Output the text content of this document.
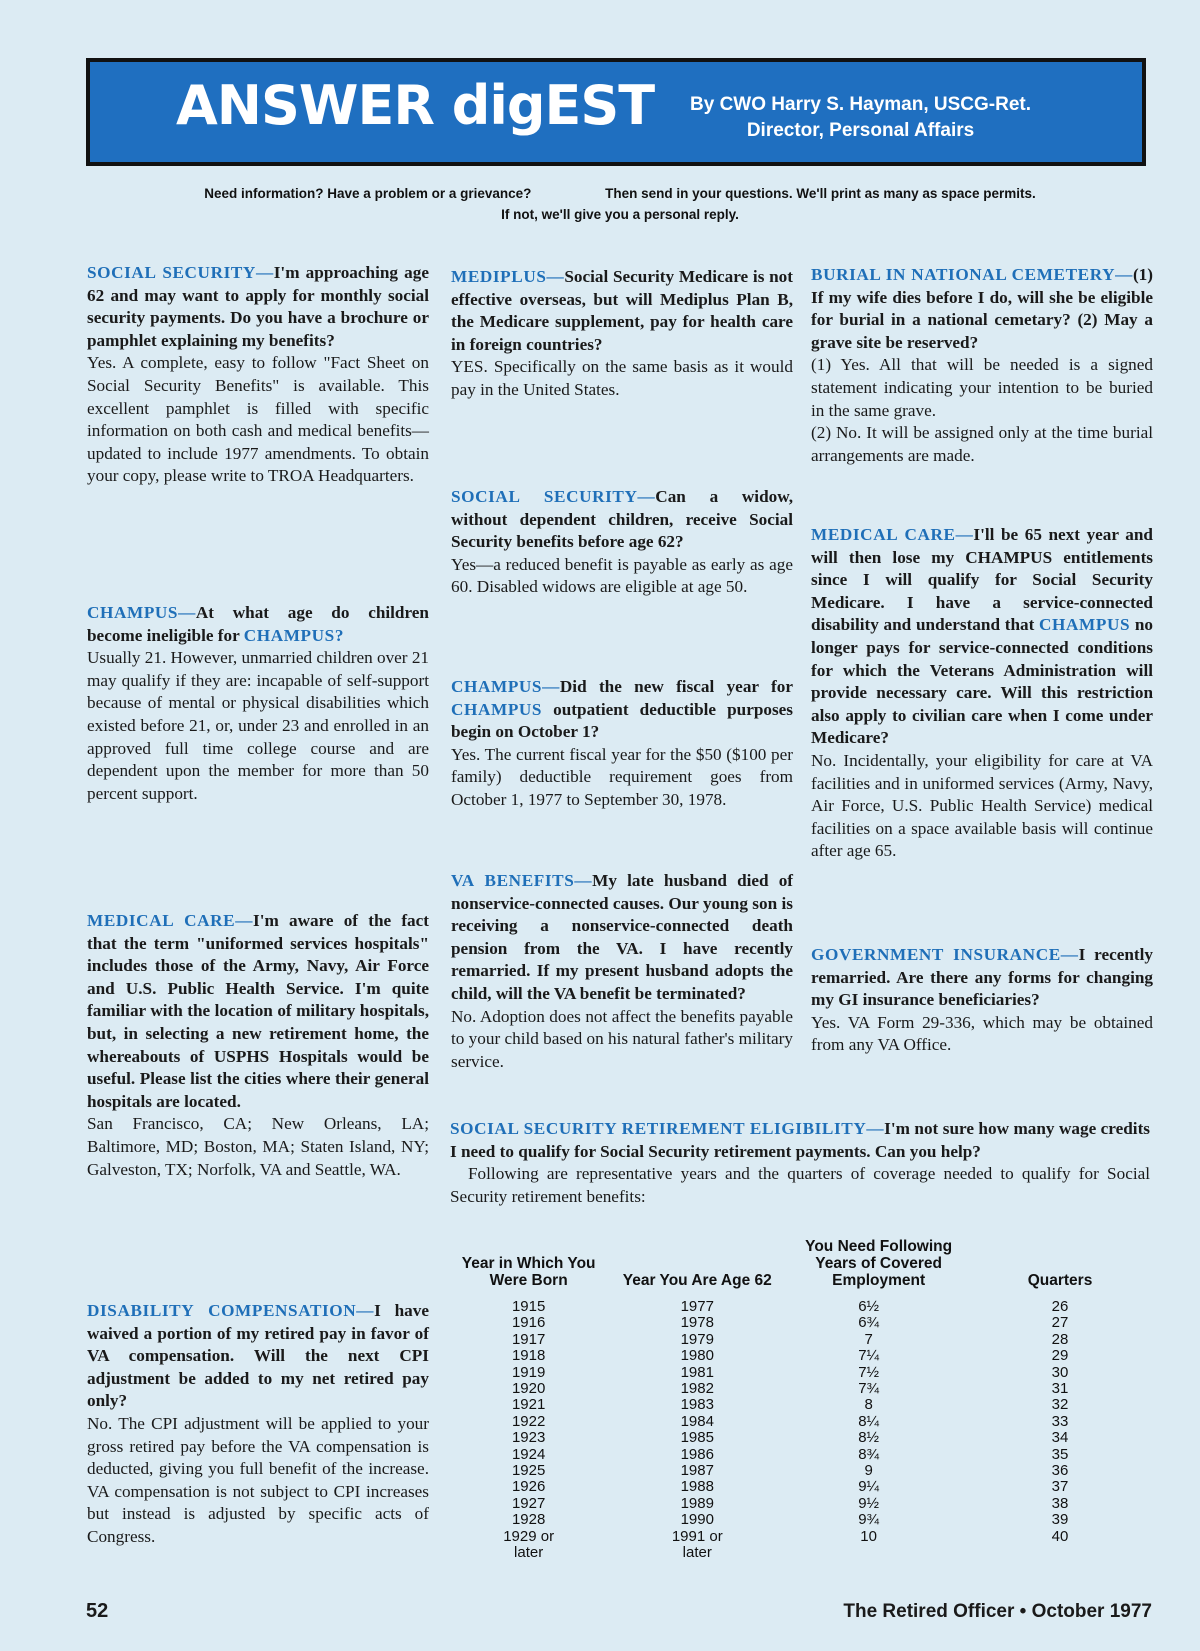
ANSWER digEST By CWO Harry S. Hayman, USCG-Ret.
Director, Personal Affairs
Need information? Have a problem or a grievance?	Then send in your questions. We'll print as many as space permits.
If not, we'll give you a personal reply.
SOCIAL SECURITY—I'm approaching age 62 and may want to apply for monthly social security payments. Do you have a brochure or pamphlet explaining my benefits?
Yes. A complete, easy to follow "Fact Sheet on Social Security Benefits" is available. This excellent pamphlet is filled with specific information on both cash and medical benefits—updated to include 1977 amendments. To obtain your copy, please write to TROA Headquarters.
CHAMPUS—At what age do children become ineligible for CHAMPUS?
Usually 21. However, unmarried children over 21 may qualify if they are: incapable of self-support because of mental or physical disabilities which existed before 21, or, under 23 and enrolled in an approved full time college course and are dependent upon the member for more than 50 percent support.
MEDICAL CARE—I'm aware of the fact that the term "uniformed services hospitals" includes those of the Army, Navy, Air Force and U.S. Public Health Service. I'm quite familiar with the location of military hospitals, but, in selecting a new retirement home, the whereabouts of USPHS Hospitals would be useful. Please list the cities where their general hospitals are located.
San Francisco, CA; New Orleans, LA; Baltimore, MD; Boston, MA; Staten Island, NY; Galveston, TX; Norfolk, VA and Seattle, WA.
DISABILITY COMPENSATION—I have waived a portion of my retired pay in favor of VA compensation. Will the next CPI adjustment be added to my net retired pay only?
No. The CPI adjustment will be applied to your gross retired pay before the VA compensation is deducted, giving you full benefit of the increase. VA compensation is not subject to CPI increases but instead is adjusted by specific acts of Congress.
MEDIPLUS—Social Security Medicare is not effective overseas, but will Mediplus Plan B, the Medicare supplement, pay for health care in foreign countries?
YES. Specifically on the same basis as it would pay in the United States.
SOCIAL SECURITY—Can a widow, without dependent children, receive Social Security benefits before age 62?
Yes—a reduced benefit is payable as early as age 60. Disabled widows are eligible at age 50.
CHAMPUS—Did the new fiscal year for CHAMPUS outpatient deductible purposes begin on October 1?
Yes. The current fiscal year for the $50 ($100 per family) deductible requirement goes from October 1, 1977 to September 30, 1978.
VA BENEFITS—My late husband died of nonservice-connected causes. Our young son is receiving a nonservice-connected death pension from the VA. I have recently remarried. If my present husband adopts the child, will the VA benefit be terminated?
No. Adoption does not affect the benefits payable to your child based on his natural father's military service.
BURIAL IN NATIONAL CEMETERY—(1) If my wife dies before I do, will she be eligible for burial in a national cemetary? (2) May a grave site be reserved?
(1) Yes. All that will be needed is a signed statement indicating your intention to be buried in the same grave.
(2) No. It will be assigned only at the time burial arrangements are made.
MEDICAL CARE—I'll be 65 next year and will then lose my CHAMPUS entitlements since I will qualify for Social Security Medicare. I have a service-connected disability and understand that CHAMPUS no longer pays for service-connected conditions for which the Veterans Administration will provide necessary care. Will this restriction also apply to civilian care when I come under Medicare?
No. Incidentally, your eligibility for care at VA facilities and in uniformed services (Army, Navy, Air Force, U.S. Public Health Service) medical facilities on a space available basis will continue after age 65.
GOVERNMENT INSURANCE—I recently remarried. Are there any forms for changing my GI insurance beneficiaries?
Yes. VA Form 29-336, which may be obtained from any VA Office.
SOCIAL SECURITY RETIREMENT ELIGIBILITY—I'm not sure how many wage credits I need to qualify for Social Security retirement payments. Can you help?
Following are representative years and the quarters of coverage needed to qualify for Social Security retirement benefits:
Year in Which You Were Born	Year You Are Age 62	You Need Following Years of Covered Employment	Quarters
1915	1977	6½	26
1916	1978	6¾	27
1917	1979	7	28
1918	1980	7¼	29
1919	1981	7½	30
1920	1982	7¾	31
1921	1983	8	32
1922	1984	8¼	33
1923	1985	8½	34
1924	1986	8¾	35
1925	1987	9	36
1926	1988	9¼	37
1927	1989	9½	38
1928	1990	9¾	39
1929 or
later	1991 or
later	10	40
52	The Retired Officer • October 1977
